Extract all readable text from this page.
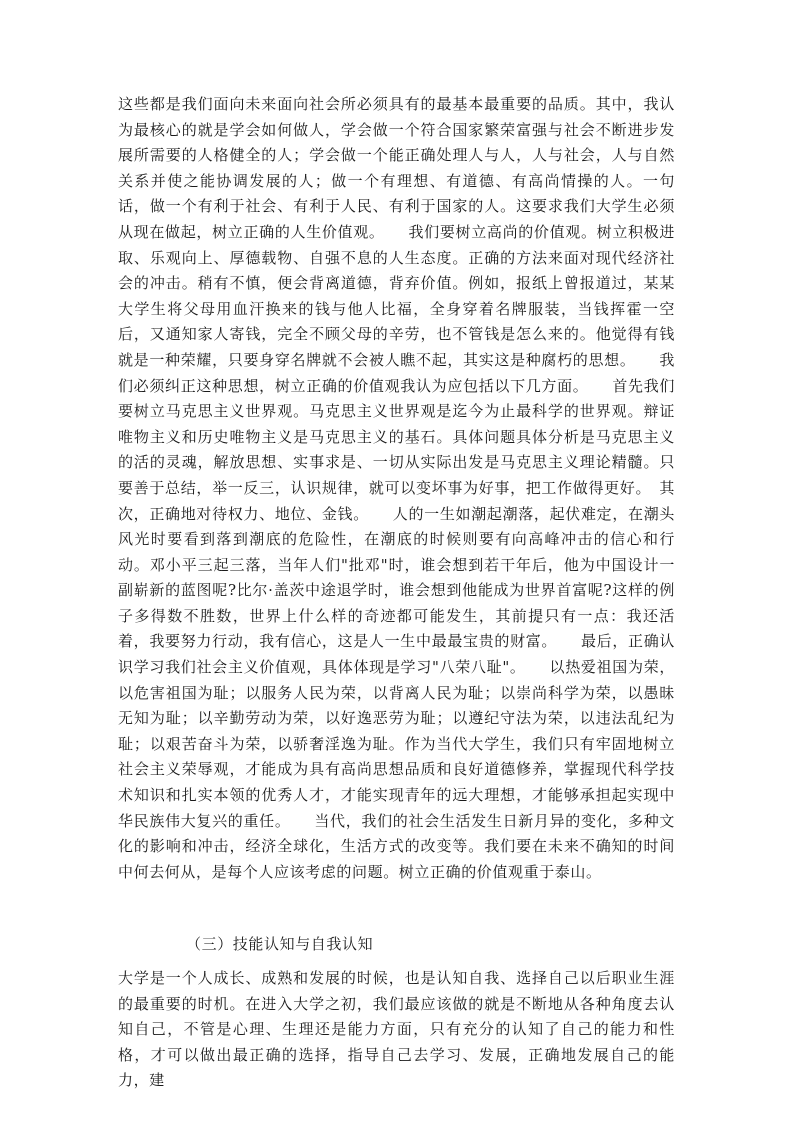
这些都是我们面向未来面向社会所必须具有的最基本最重要的品质。其中，我认为最核心的就是学会如何做人，学会做一个符合国家繁荣富强与社会不断进步发展所需要的人格健全的人；学会做一个能正确处理人与人，人与社会，人与自然关系并使之能协调发展的人；做一个有理想、有道德、有高尚情操的人。一句话，做一个有利于社会、有利于人民、有利于国家的人。这要求我们大学生必须从现在做起，树立正确的人生价值观。　　我们要树立高尚的价值观。树立积极进取、乐观向上、厚德载物、自强不息的人生态度。正确的方法来面对现代经济社会的冲击。稍有不慎，便会背离道德，背弃价值。例如，报纸上曾报道过，某某大学生将父母用血汗换来的钱与他人比福，全身穿着名牌服装，当钱挥霍一空后，又通知家人寄钱，完全不顾父母的辛劳，也不管钱是怎么来的。他觉得有钱就是一种荣耀，只要身穿名牌就不会被人瞧不起，其实这是种腐朽的思想。　　我们必须纠正这种思想，树立正确的价值观我认为应包括以下几方面。　　首先我们要树立马克思主义世界观。马克思主义世界观是迄今为止最科学的世界观。辩证唯物主义和历史唯物主义是马克思主义的基石。具体问题具体分析是马克思主义的活的灵魂，解放思想、实事求是、一切从实际出发是马克思主义理论精髓。只要善于总结，举一反三，认识规律，就可以变坏事为好事，把工作做得更好。　其次，正确地对待权力、地位、金钱。　　人的一生如潮起潮落，起伏难定，在潮头风光时要看到落到潮底的危险性，在潮底的时候则要有向高峰冲击的信心和行动。邓小平三起三落，当年人们"批邓"时，谁会想到若干年后，他为中国设计一副崭新的蓝图呢?比尔·盖茨中途退学时，谁会想到他能成为世界首富呢?这样的例子多得数不胜数，世界上什么样的奇迹都可能发生，其前提只有一点：我还活着，我要努力行动，我有信心，这是人一生中最最宝贵的财富。　　最后，正确认识学习我们社会主义价值观，具体体现是学习"八荣八耻"。　　以热爱祖国为荣，以危害祖国为耻；以服务人民为荣，以背离人民为耻；以崇尚科学为荣，以愚昧无知为耻；以辛勤劳动为荣，以好逸恶劳为耻；以遵纪守法为荣，以违法乱纪为耻；以艰苦奋斗为荣，以骄奢淫逸为耻。作为当代大学生，我们只有牢固地树立社会主义荣辱观，才能成为具有高尚思想品质和良好道德修养，掌握现代科学技术知识和扎实本领的优秀人才，才能实现青年的远大理想，才能够承担起实现中华民族伟大复兴的重任。　　当代，我们的社会生活发生日新月异的变化，多种文化的影响和冲击，经济全球化，生活方式的改变等。我们要在未来不确知的时间中何去何从，是每个人应该考虑的问题。树立正确的价值观重于泰山。

（三）技能认知与自我认知

大学是一个人成长、成熟和发展的时候，也是认知自我、选择自己以后职业生涯的最重要的时机。在进入大学之初，我们最应该做的就是不断地从各种角度去认知自己，不管是心理、生理还是能力方面，只有充分的认知了自己的能力和性格，才可以做出最正确的选择，指导自己去学习、发展，正确地发展自己的能力，建
